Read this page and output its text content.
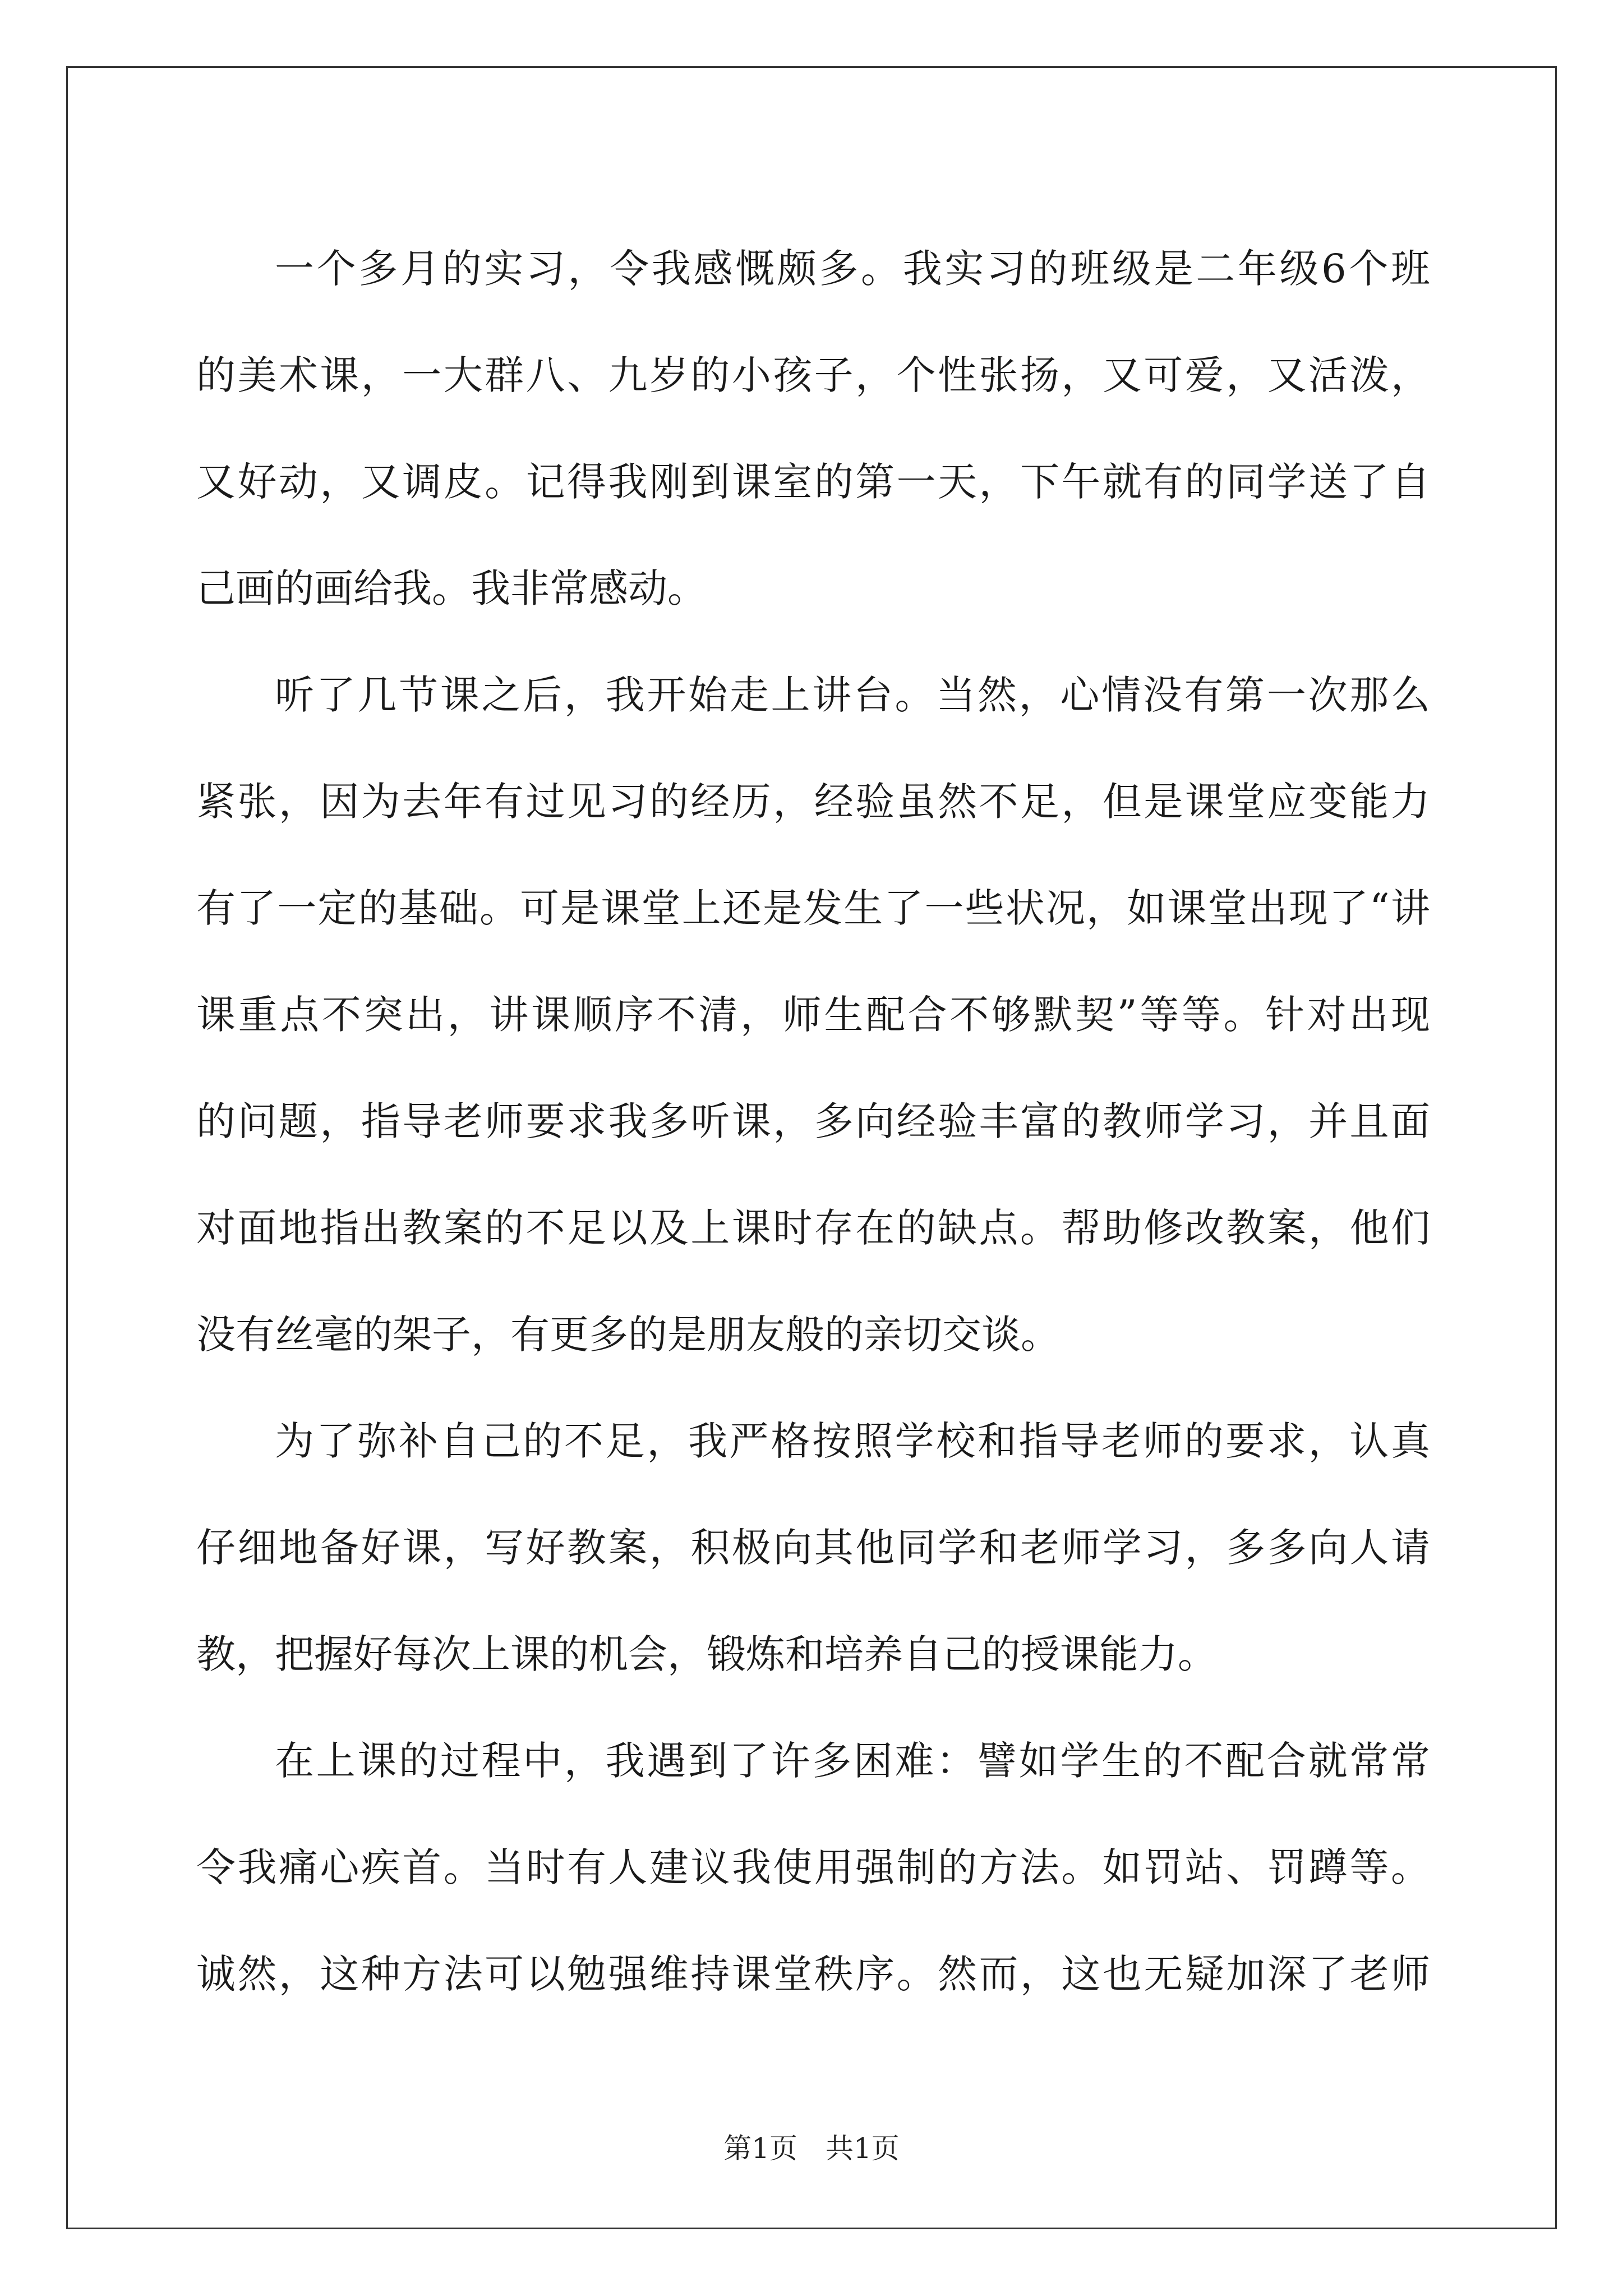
一个多月的实习，令我感慨颇多。我实习的班级是二年级6个班
的美术课，一大群八、九岁的小孩子，个性张扬，又可爱，又活泼，
又好动，又调皮。记得我刚到课室的第一天，下午就有的同学送了自
己画的画给我。我非常感动。
听了几节课之后，我开始走上讲台。当然，心情没有第一次那么
紧张，因为去年有过见习的经历，经验虽然不足，但是课堂应变能力
有了一定的基础。可是课堂上还是发生了一些状况，如课堂出现了“讲
课重点不突出，讲课顺序不清，师生配合不够默契”等等。针对出现
的问题，指导老师要求我多听课，多向经验丰富的教师学习，并且面
对面地指出教案的不足以及上课时存在的缺点。帮助修改教案，他们
没有丝毫的架子，有更多的是朋友般的亲切交谈。
为了弥补自己的不足，我严格按照学校和指导老师的要求，认真
仔细地备好课，写好教案，积极向其他同学和老师学习，多多向人请
教，把握好每次上课的机会，锻炼和培养自己的授课能力。
在上课的过程中，我遇到了许多困难：譬如学生的不配合就常常
令我痛心疾首。当时有人建议我使用强制的方法。如罚站、罚蹲等。
诚然，这种方法可以勉强维持课堂秩序。然而，这也无疑加深了老师
第1页 共1页
